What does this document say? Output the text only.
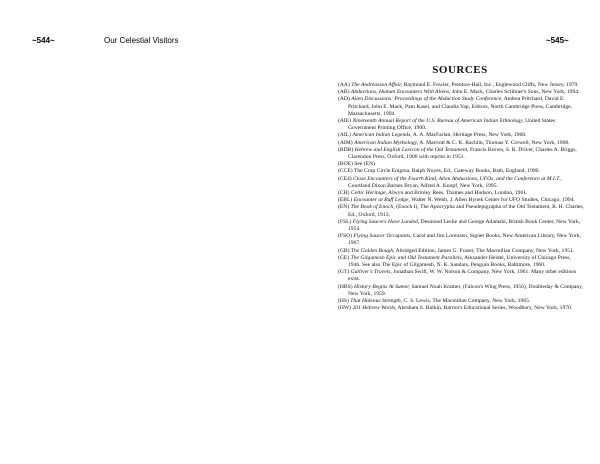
~544~	Our Celestial Visitors	~545~
SOURCES

(AA) The Andreasson Affair, Raymond E. Fowler, Prentice-Hall, Inc., Englewood Cliffs, New Jersey, 1979.

(AB) Abductions, Human Encounters With Aliens, John E. Mack, Charles Scribner's Sons, New York, 1994.

(AD) Alien Discussions: Proceedings of the Abduction Study Conference, Andrea Pritchard, David E. Pritchard, John E. Mack, Pam Kasei, and Claudia Yap, Editors, North Cambridge Press, Cambridge, Massachusetts, 1994.

(AIE) Nineteenth Annual Report of the U.S. Bureau of American Indian Ethnology, United States Government Printing Office, 1900.

(AIL) American Indian Legends, A. A. MacFarlan, Heritage Press, New York, 1968.

(AIM) American Indian Mythology, A. Marriott & C. K. Rachlin, Thomas Y. Crowell, New York, 1968.

(BDB) Hebrew and English Lexicon of the Old Testament, Francis Brown, S. R. Driver, Charles A. Briggs, Clarendon Press, Oxford, 1906 with reprint in 1951.

(BOE) See (EN)

(CCE) The Crop Circle Enigma, Ralph Noyes, Ed., Gateway Books, Bath, England, 1990.

(CE4) Close Encounters of the Fourth Kind, Alien Abductions, UFOs, and the Conference at M.I.T., Courtland Dixon Barnes Bryan, Alfred A. Knopf, New York, 1995.

(CH) Celtic Heritage, Alwyn and Brinley Rees, Thames and Hudson, London, 1961.

(EBL) Encounter at Buff Ledge, Walter N. Webb, J. Allen Hynek Center for UFO Studies, Chicago, 1994.

(EN) The Book of Enoch, (Enoch I), The Apocrypha and Pseudepigrapha of the Old Testament, R. H. Charles, Ed., Oxford, 1913.

(FSL) Flying Saucers Have Landed, Desmond Leslie and George Adamski, British Book Center, New York, 1954.

(FSO) Flying Saucer Occupants, Carol and Jim Lorenzen, Signet Books, New American Library, New York, 1967.

(GB) The Golden Bough, Abridged Edition, James G. Frazer, The Macmillan Company, New York, 1951.

(GE) The Gilgamesh Epic and Old Testament Parallels, Alexander Heidel, University of Chicago Press, 1946. See also The Epic of Gilgamesh, N. K. Sandars, Penguin Books, Baltimore, 1960.

(GT) Gulliver's Travels, Jonathan Swift, W. W. Norton & Company, New York, 1961. Many other editions exist.

(HBS) History Begins At Sumer, Samuel Noah Kramer, (Falcon's Wing Press, 1956), Doubleday & Company, New York, 1959.

(HS) That Hideous Strength, C. S. Lewis, The Macmillan Company, New York, 1965.

(HW) 201 Hebrew Words, Abraham S. Halkin, Barron's Educational Series, Woodbury, New York, 1970.
